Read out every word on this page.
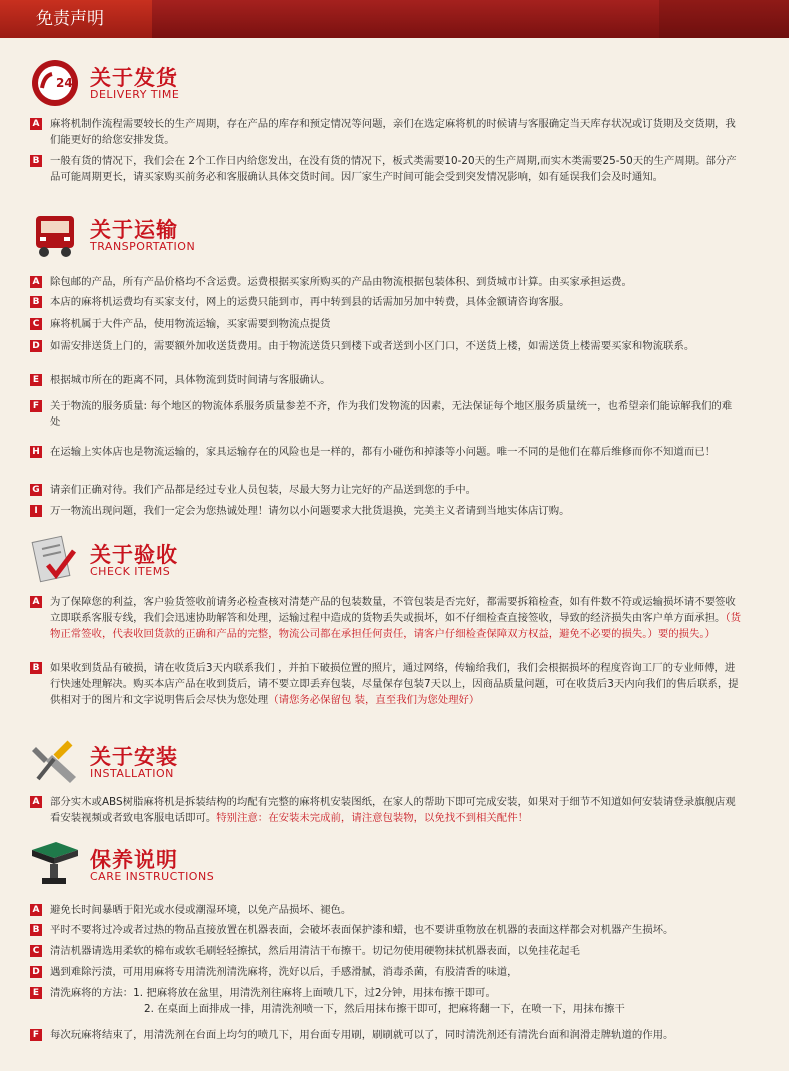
免责声明
24 关于发货
DELIVERY TIME
A 麻将机制作流程需要较长的生产周期，存在产品的库存和预定情况等问题，亲们在选定麻将机的时候请与客服确定当天库存状况或订货期及交货期，我们能更好的给您安排发货。
B 一般有货的情况下，我们会在 2个工作日内给您发出，在没有货的情况下，板式类需要10-20天的生产周期,而实木类需要25-50天的生产周期。部分产品可能周期更长，请买家购买前务必和客服确认具体交货时间。因厂家生产时间可能会受到突发情况影响，如有延误我们会及时通知。
关于运输
TRANSPORTATION
A 除包邮的产品，所有产品价格均不含运费。运费根据买家所购买的产品由物流根据包装体积、到货城市计算。由买家承担运费。
B 本店的麻将机运费均有买家支付，网上的运费只能到市，再中转到县的话需加另加中转费，具体金额请咨询客服。
C 麻将机属于大件产品，使用物流运输，买家需要到物流点提货
D 如需安排送货上门的，需要额外加收送货费用。由于物流送货只到楼下或者送到小区门口，不送货上楼，如需送货上楼需要买家和物流联系。
E 根据城市所在的距离不同，具体物流到货时间请与客服确认。
F 关于物流的服务质量: 每个地区的物流体系服务质量参差不齐，作为我们发物流的因素，无法保证每个地区服务质量统一，也希望亲们能谅解我们的难处
H 在运输上实体店也是物流运输的，家具运输存在的风险也是一样的，都有小碰伤和掉漆等小问题。唯一不同的是他们在幕后维修而你不知道而已！
G 请亲们正确对待。我们产品都是经过专业人员包装，尽最大努力让完好的产品送到您的手中。
I	万一物流出现问题，我们一定会为您热诚处理！请勿以小问题要求大批货退换，完美主义者请到当地实体店订购。
关于验收
CHECK ITEMS
A 为了保障您的利益，客户验货签收前请务必检查核对清楚产品的包装数量，不管包装是否完好，都需要拆箱检查，如有件数不符或运输损坏请不要签收立即联系客服专线，我们会迅速协助解答和处理，运输过程中造成的货物丢失或损坏，如不仔细检查直接签收，导致的经济损失由客户单方面承担。（货物正常签收，代表收回货款的正确和产品的完整，物流公司都在承担任何责任，请客户仔细检查保障双方权益，避免不必要的损失。）要的损失。）
B 如果收到货品有破损，请在收货后3天内联系我们 ，并拍下破损位置的照片，通过网络，传输给我们，我们会根据损坏的程度咨询工厂的专业师傅，进行快速处理解决。购买本店产品在收到货后，请不要立即丢弃包装，尽量保存包装7天以上，因商品质量问题，可在收货后3天内向我们的售后联系，提供相对于的图片和文字说明售后会尽快为您处理（请您务必保留包 装，直至我们为您处理好）
关于安装
INSTALLATION
A 部分实木或ABS树脂麻将机是拆装结构的均配有完整的麻将机安装图纸，在家人的帮助下即可完成安装，如果对于细节不知道如何安装请登录旗舰店观看安装视频或者致电客服电话即可。特别注意：在安装未完成前，请注意包装物，以免找不到相关配件！
保养说明
CARE INSTRUCTIONS
A 避免长时间暴晒于阳光或水侵或潮湿环境，以免产品损坏、褪色。
B 平时不要将过冷或者过热的物品直接放置在机器表面，会破坏表面保护漆和蜡，也不要讲重物放在机器的表面这样都会对机器产生损坏。
C 清洁机器请选用柔软的棉布或软毛刷轻轻擦拭，然后用清洁干布擦干。切记勿使用硬物抹拭机器表面，以免挂花起毛
D 遇到难除污渍，可用用麻将专用清洗剂清洗麻将，洗好以后，手感滑腻，消毒杀菌，有股清香的味道，
E 清洗麻将的方法：1. 把麻将放在盆里，用清洗剂往麻将上面喷几下，过2分钟，用抹布擦干即可。
2. 在桌面上面排成一排，用清洗剂喷一下，然后用抹布擦干即可，把麻将翻一下，在喷一下，用抹布擦干
F 每次玩麻将结束了，用清洗剂在台面上均匀的喷几下，用台面专用刷，刷刷就可以了，同时清洗剂还有清洗台面和润滑走牌轨道的作用。
